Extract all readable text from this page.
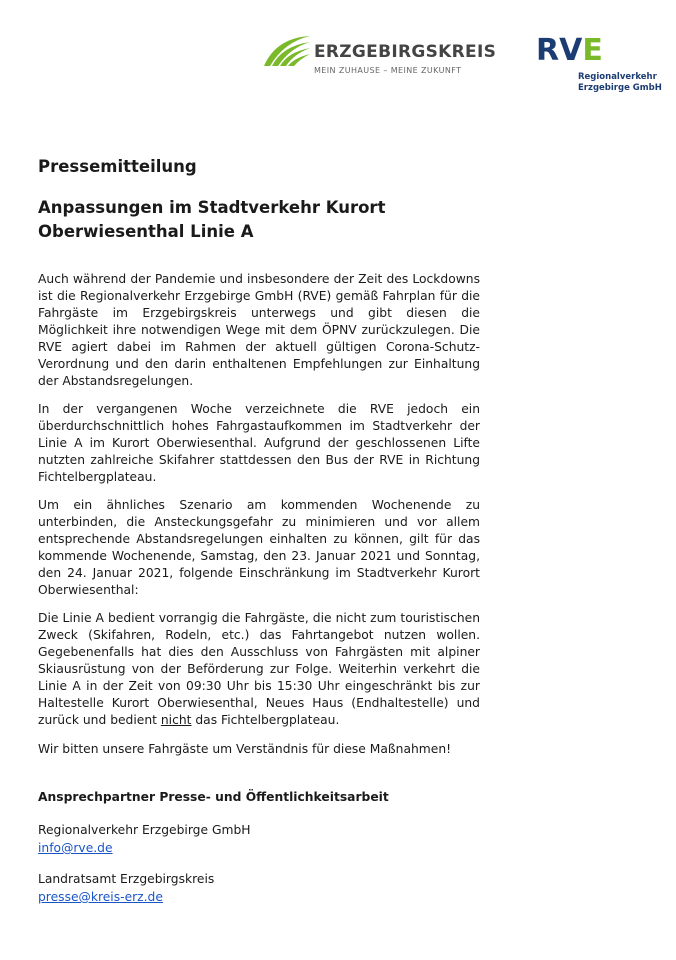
ERZGEBIRGSKREIS
MEIN ZUHAUSE – MEINE ZUKUNFT
RVE
Regionalverkehr
Erzgebirge GmbH
Pressemitteilung
Anpassungen im Stadtverkehr Kurort
Oberwiesenthal Linie A

Auch während der Pandemie und insbesondere der Zeit des Lockdowns ist die Regionalverkehr Erzgebirge GmbH (RVE) gemäß Fahrplan für die Fahrgäste im Erzgebirgskreis unterwegs und gibt diesen die Möglichkeit ihre notwendigen Wege mit dem ÖPNV zurückzulegen. Die RVE agiert dabei im Rahmen der aktuell gültigen Corona-Schutz-Verordnung und den darin enthaltenen Empfehlungen zur Einhaltung der Abstandsregelungen.

In der vergangenen Woche verzeichnete die RVE jedoch ein überdurchschnittlich hohes Fahrgastaufkommen im Stadtverkehr der Linie A im Kurort Oberwiesenthal. Aufgrund der geschlossenen Lifte nutzten zahlreiche Skifahrer stattdessen den Bus der RVE in Richtung Fichtelbergplateau.

Um ein ähnliches Szenario am kommenden Wochenende zu unterbinden, die Ansteckungsgefahr zu minimieren und vor allem entsprechende Abstandsregelungen einhalten zu können, gilt für das kommende Wochenende, Samstag, den 23. Januar 2021 und Sonntag, den 24. Januar 2021, folgende Einschränkung im Stadtverkehr Kurort Oberwiesenthal:

Die Linie A bedient vorrangig die Fahrgäste, die nicht zum touristischen Zweck (Skifahren, Rodeln, etc.) das Fahrtangebot nutzen wollen. Gegebenenfalls hat dies den Ausschluss von Fahrgästen mit alpiner Skiausrüstung von der Beförderung zur Folge. Weiterhin verkehrt die Linie A in der Zeit von 09:30 Uhr bis 15:30 Uhr eingeschränkt bis zur Haltestelle Kurort Oberwiesenthal, Neues Haus (Endhaltestelle) und zurück und bedient nicht das Fichtelbergplateau.

Wir bitten unsere Fahrgäste um Verständnis für diese Maßnahmen!

Ansprechpartner Presse- und Öffentlichkeitsarbeit
Regionalverkehr Erzgebirge GmbH
info@rve.de
Landratsamt Erzgebirgskreis
presse@kreis-erz.de
